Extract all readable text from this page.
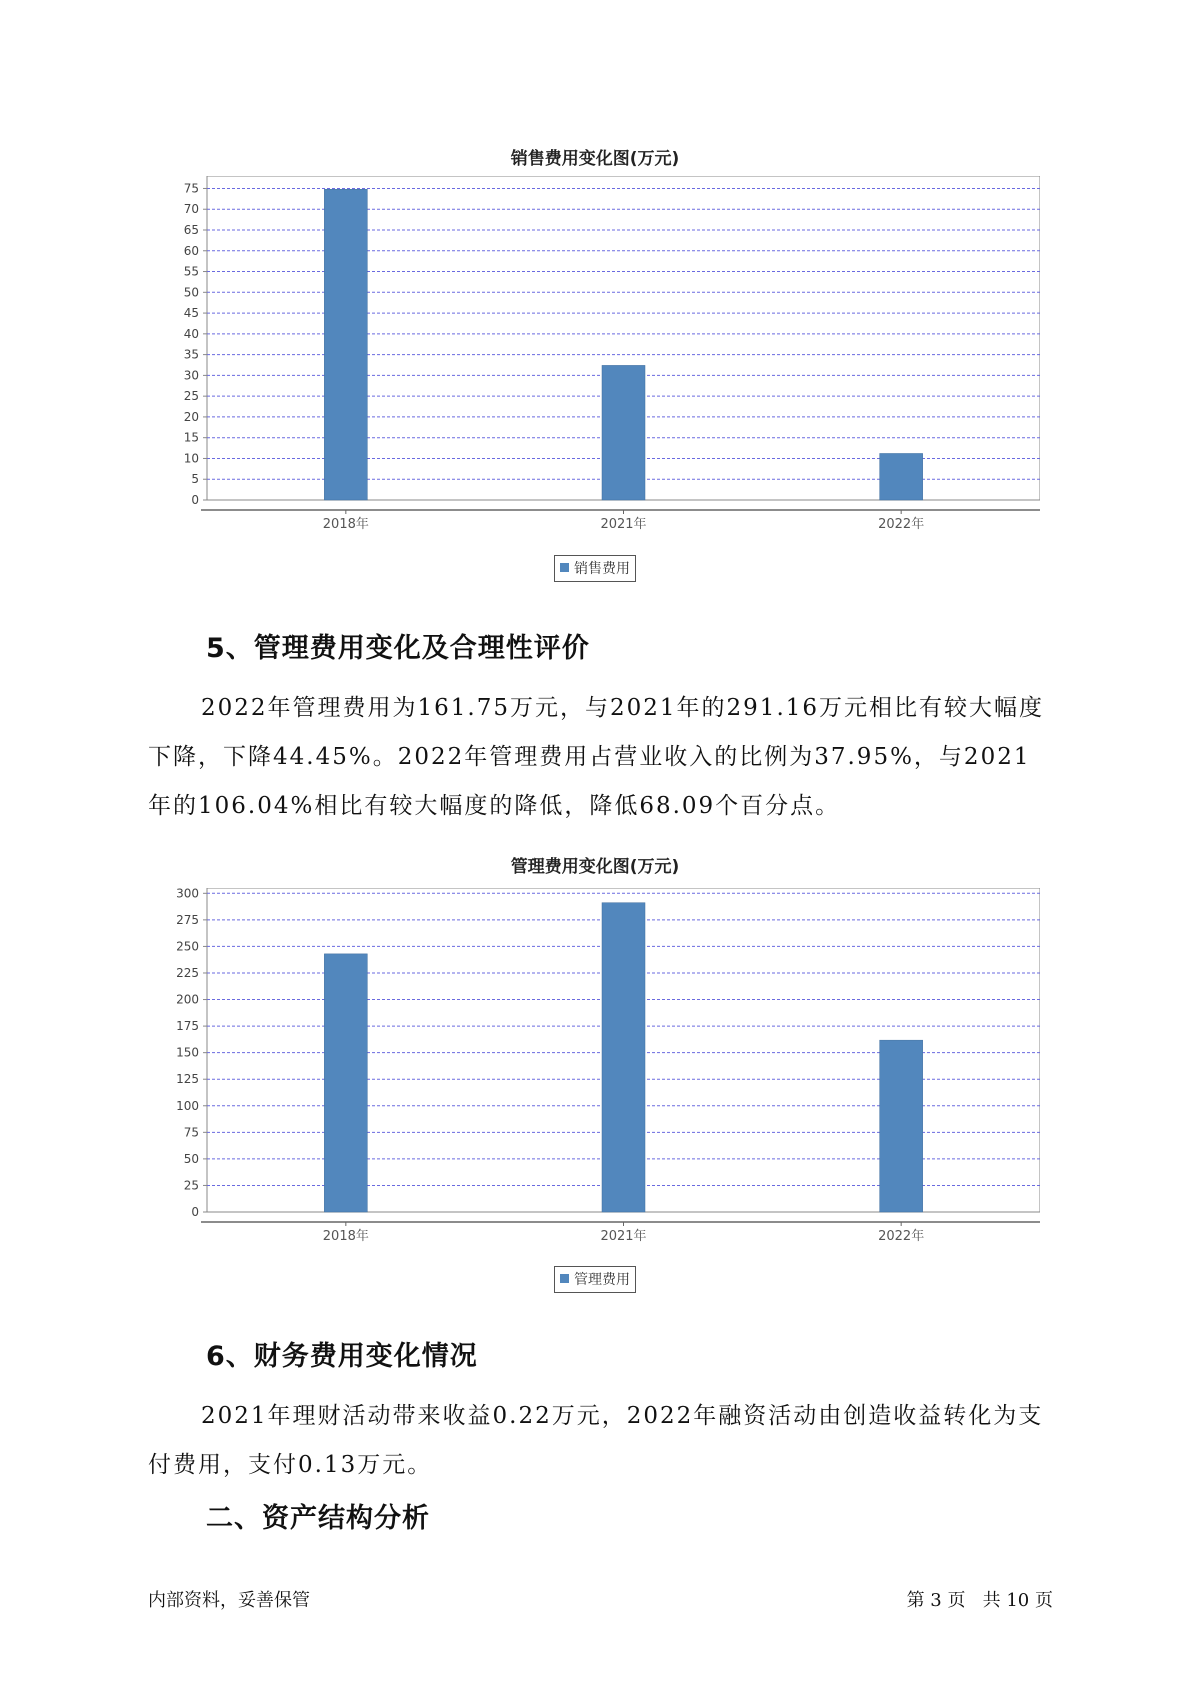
销售费用变化图(万元)
0
5
10
15
20
25
30
35
40
45
50
55
60
65
70
75
2018年	2021年	2022年
销售费用
5、管理费用变化及合理性评价

2022年管理费用为161.75万元，与2021年的291.16万元相比有较大幅度下降，下降44.45%。2022年管理费用占营业收入的比例为37.95%，与2021年的106.04%相比有较大幅度的降低，降低68.09个百分点。

管理费用变化图(万元)
0
25
50
75
100
125
150
175
200
225
250
275
300
2018年	2021年	2022年
管理费用
6、财务费用变化情况

2021年理财活动带来收益0.22万元，2022年融资活动由创造收益转化为支付费用，支付0.13万元。

二、资产结构分析
内部资料，妥善保管	第 3 页   共 10 页
